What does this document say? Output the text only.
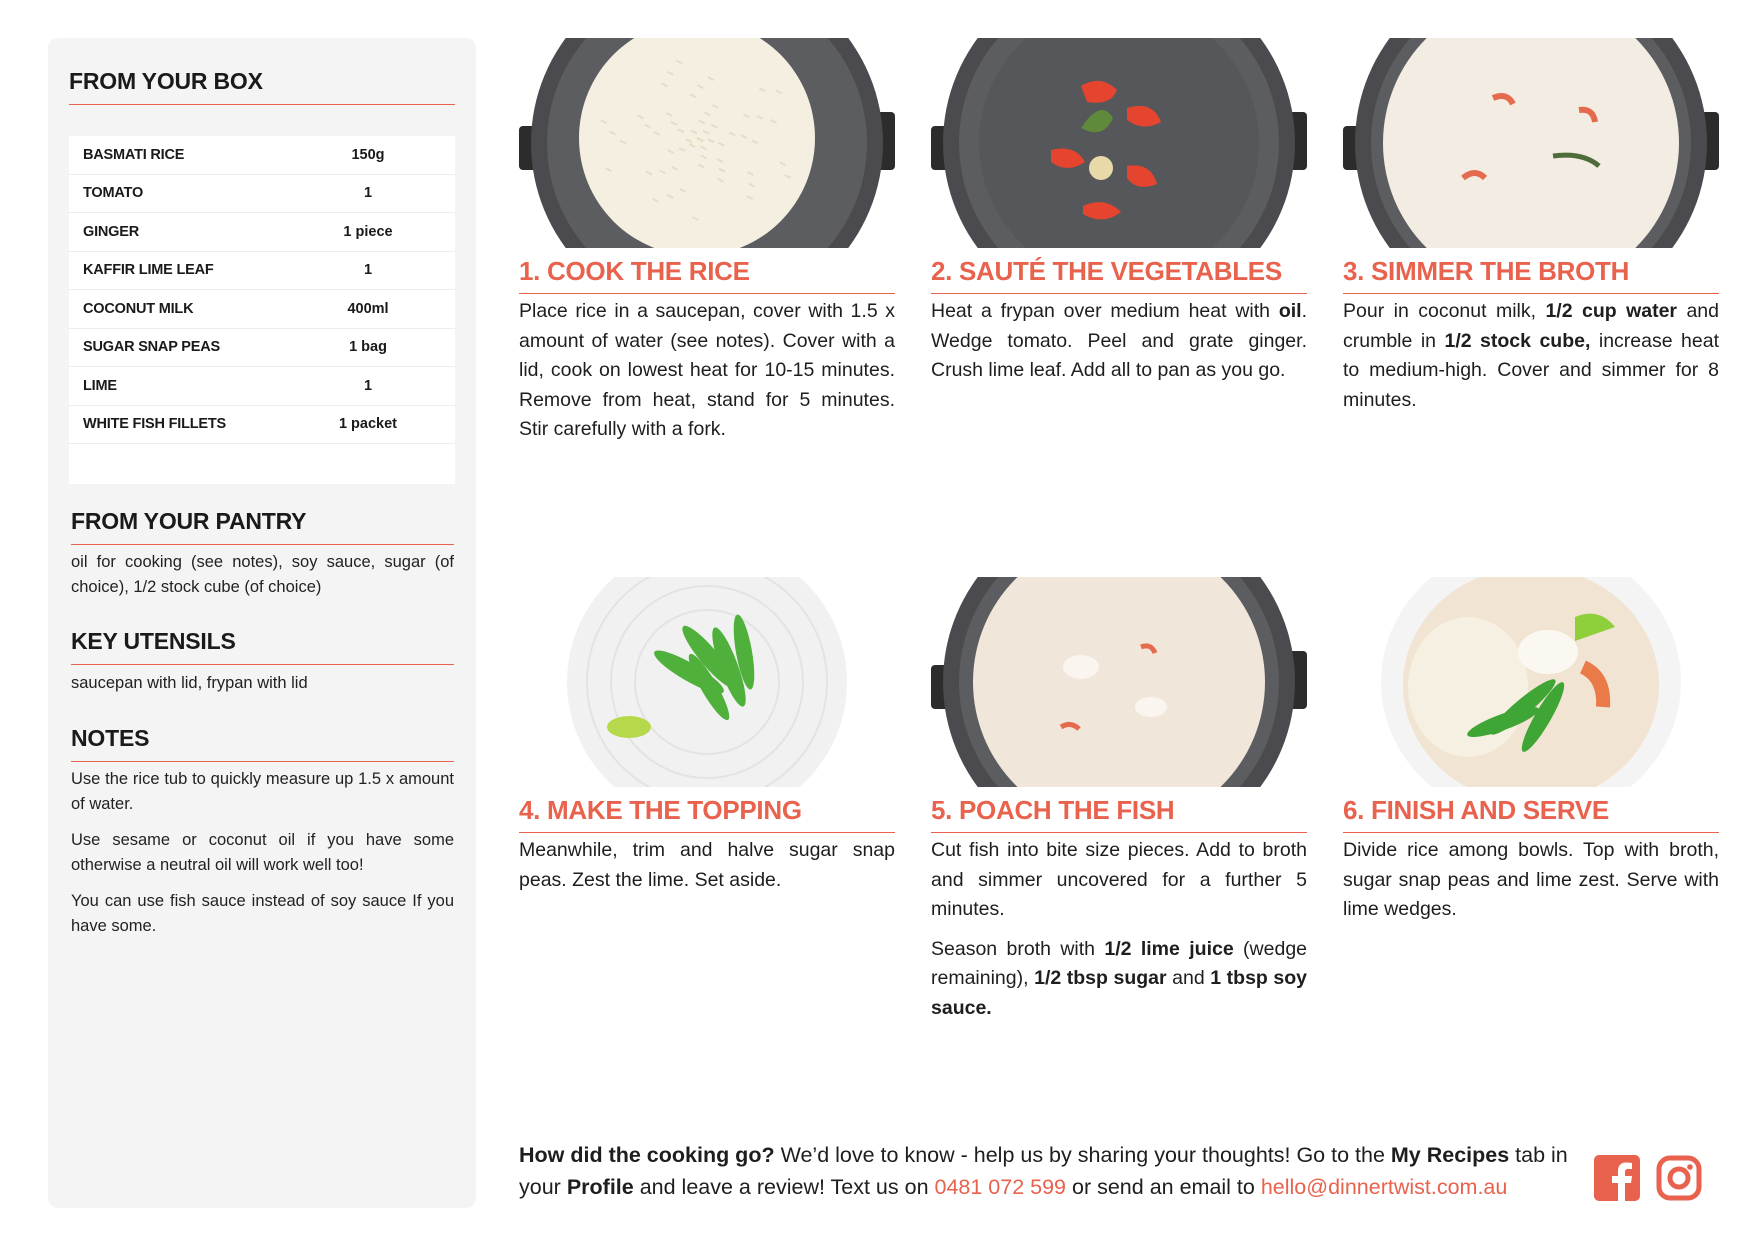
FROM YOUR BOX
BASMATI RICE	150g
TOMATO	1
GINGER	1 piece
KAFFIR LIME LEAF	1
COCONUT MILK	400ml
SUGAR SNAP PEAS	1 bag
LIME	1
WHITE FISH FILLETS	1 packet
FROM YOUR PANTRY

oil for cooking (see notes), soy sauce, sugar (of choice), 1/2 stock cube (of choice)

KEY UTENSILS

saucepan with lid, frypan with lid

NOTES

Use the rice tub to quickly measure up 1.5 x amount of water.

Use sesame or coconut oil if you have some otherwise a neutral oil will work well too!

You can use fish sauce instead of soy sauce If you have some.

1. COOK THE RICE

Place rice in a saucepan, cover with 1.5 x amount of water (see notes). Cover with a lid, cook on lowest heat for 10-15 minutes. Remove from heat, stand for 5 minutes. Stir carefully with a fork.

2. SAUTÉ THE VEGETABLES

Heat a frypan over medium heat with oil. Wedge tomato. Peel and grate ginger. Crush lime leaf. Add all to pan as you go.

3. SIMMER THE BROTH

Pour in coconut milk, 1/2 cup water and crumble in 1/2 stock cube, increase heat to medium-high. Cover and simmer for 8 minutes.

4. MAKE THE TOPPING

Meanwhile, trim and halve sugar snap peas. Zest the lime. Set aside.

5. POACH THE FISH

Cut fish into bite size pieces. Add to broth and simmer uncovered for a further 5 minutes.

Season broth with 1/2 lime juice (wedge remaining), 1/2 tbsp sugar and 1 tbsp soy sauce.

6. FINISH AND SERVE

Divide rice among bowls. Top with broth, sugar snap peas and lime zest. Serve with lime wedges.

How did the cooking go? We’d love to know - help us by sharing your thoughts! Go to the My Recipes tab in your Profile and leave a review! Text us on 0481 072 599 or send an email to hello@dinnertwist.com.au
